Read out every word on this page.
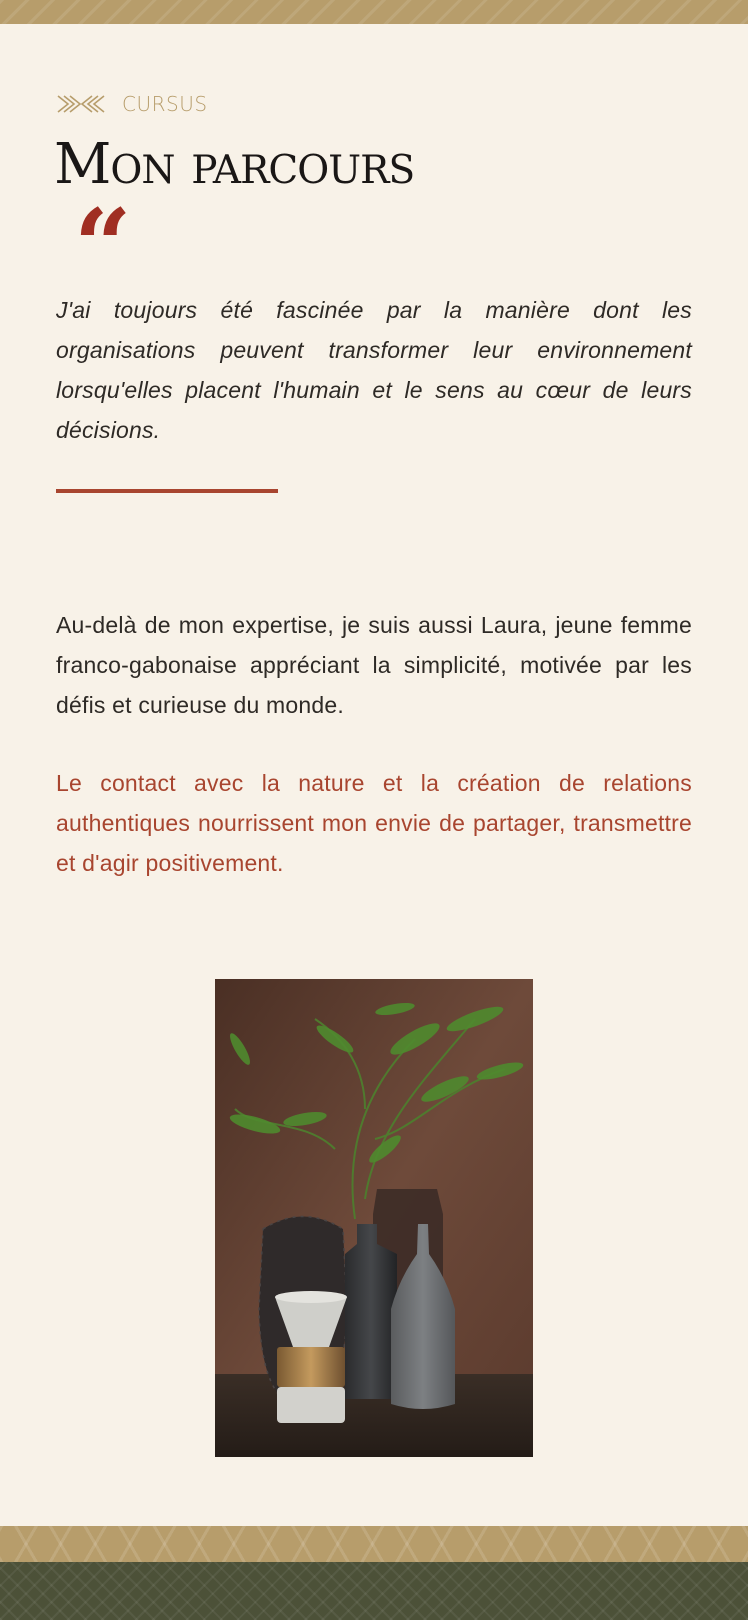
CURSUS
Mon parcours
“

J'ai toujours été fascinée par la manière dont les organisations peuvent transformer leur environnement lorsqu'elles placent l'humain et le sens au cœur de leurs décisions.

Au-delà de mon expertise, je suis aussi Laura, jeune femme franco-gabonaise appréciant la simplicité, motivée par les défis et curieuse du monde.

Le contact avec la nature et la création de relations authentiques nourrissent mon envie de partager, transmettre et d'agir positivement.
